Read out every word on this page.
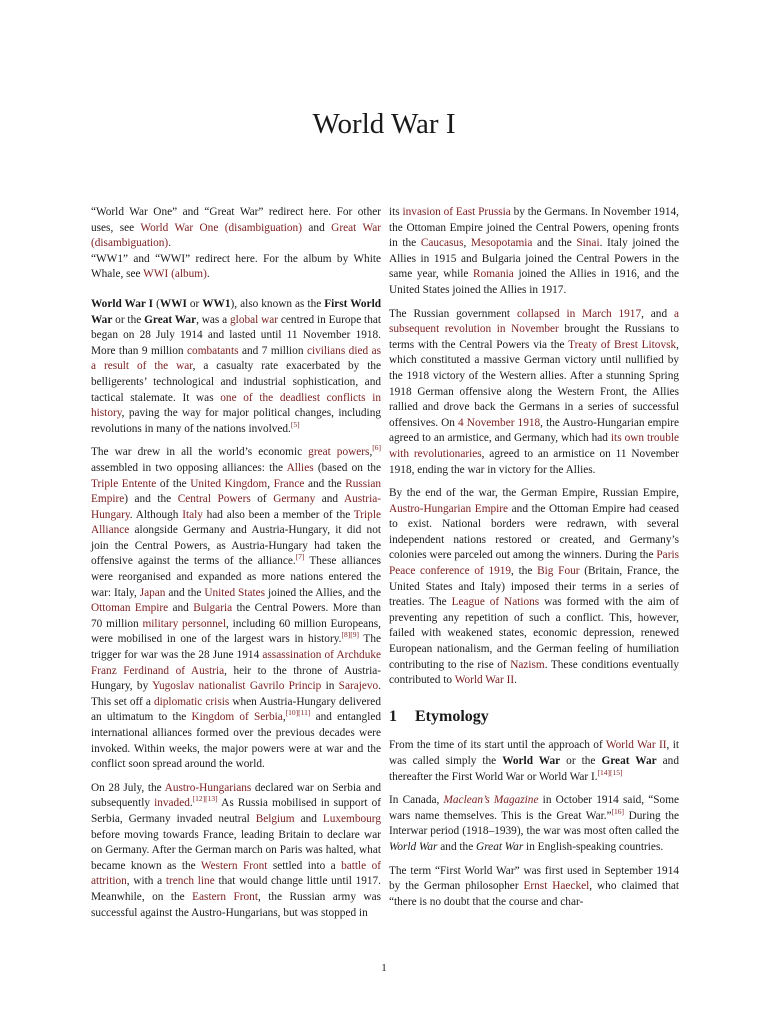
World War I

“World War One” and “Great War” redirect here. For other uses, see World War One (disambiguation) and Great War (disambiguation).

“WW1” and “WWI” redirect here. For the album by White Whale, see WWI (album).

World War I (WWI or WW1), also known as the First World War or the Great War, was a global war centred in Europe that began on 28 July 1914 and lasted until 11 November 1918. More than 9 million combatants and 7 million civilians died as a result of the war, a casualty rate exacerbated by the belligerents’ technological and industrial sophistication, and tactical stalemate. It was one of the deadliest conflicts in history, paving the way for major political changes, including revolutions in many of the nations involved.[5]

The war drew in all the world’s economic great powers,[6] assembled in two opposing alliances: the Allies (based on the Triple Entente of the United Kingdom, France and the Russian Empire) and the Central Powers of Germany and Austria-Hungary. Although Italy had also been a member of the Triple Alliance alongside Germany and Austria-Hungary, it did not join the Central Powers, as Austria-Hungary had taken the offensive against the terms of the alliance.[7] These alliances were reorganised and expanded as more nations entered the war: Italy, Japan and the United States joined the Allies, and the Ottoman Empire and Bulgaria the Central Powers. More than 70 million military personnel, including 60 million Europeans, were mobilised in one of the largest wars in history.[8][9] The trigger for war was the 28 June 1914 assassination of Archduke Franz Ferdinand of Austria, heir to the throne of Austria-Hungary, by Yugoslav nationalist Gavrilo Princip in Sarajevo. This set off a diplomatic crisis when Austria-Hungary delivered an ultimatum to the Kingdom of Serbia,[10][11] and entangled international alliances formed over the previous decades were invoked. Within weeks, the major powers were at war and the conflict soon spread around the world.

On 28 July, the Austro-Hungarians declared war on Serbia and subsequently invaded.[12][13] As Russia mobilised in support of Serbia, Germany invaded neutral Belgium and Luxembourg before moving towards France, leading Britain to declare war on Germany. After the German march on Paris was halted, what became known as the Western Front settled into a battle of attrition, with a trench line that would change little until 1917. Meanwhile, on the Eastern Front, the Russian army was successful against the Austro-Hungarians, but was stopped in

its invasion of East Prussia by the Germans. In November 1914, the Ottoman Empire joined the Central Powers, opening fronts in the Caucasus, Mesopotamia and the Sinai. Italy joined the Allies in 1915 and Bulgaria joined the Central Powers in the same year, while Romania joined the Allies in 1916, and the United States joined the Allies in 1917.

The Russian government collapsed in March 1917, and a subsequent revolution in November brought the Russians to terms with the Central Powers via the Treaty of Brest Litovsk, which constituted a massive German victory until nullified by the 1918 victory of the Western allies. After a stunning Spring 1918 German offensive along the Western Front, the Allies rallied and drove back the Germans in a series of successful offensives. On 4 November 1918, the Austro-Hungarian empire agreed to an armistice, and Germany, which had its own trouble with revolutionaries, agreed to an armistice on 11 November 1918, ending the war in victory for the Allies.

By the end of the war, the German Empire, Russian Empire, Austro-Hungarian Empire and the Ottoman Empire had ceased to exist. National borders were redrawn, with several independent nations restored or created, and Germany’s colonies were parceled out among the winners. During the Paris Peace conference of 1919, the Big Four (Britain, France, the United States and Italy) imposed their terms in a series of treaties. The League of Nations was formed with the aim of preventing any repetition of such a conflict. This, however, failed with weakened states, economic depression, renewed European nationalism, and the German feeling of humiliation contributing to the rise of Nazism. These conditions eventually contributed to World War II.

1 Etymology

From the time of its start until the approach of World War II, it was called simply the World War or the Great War and thereafter the First World War or World War I.[14][15]

In Canada, Maclean’s Magazine in October 1914 said, “Some wars name themselves. This is the Great War.”[16] During the Interwar period (1918–1939), the war was most often called the World War and the Great War in English-speaking countries.

The term “First World War” was first used in September 1914 by the German philosopher Ernst Haeckel, who claimed that “there is no doubt that the course and char-

1
